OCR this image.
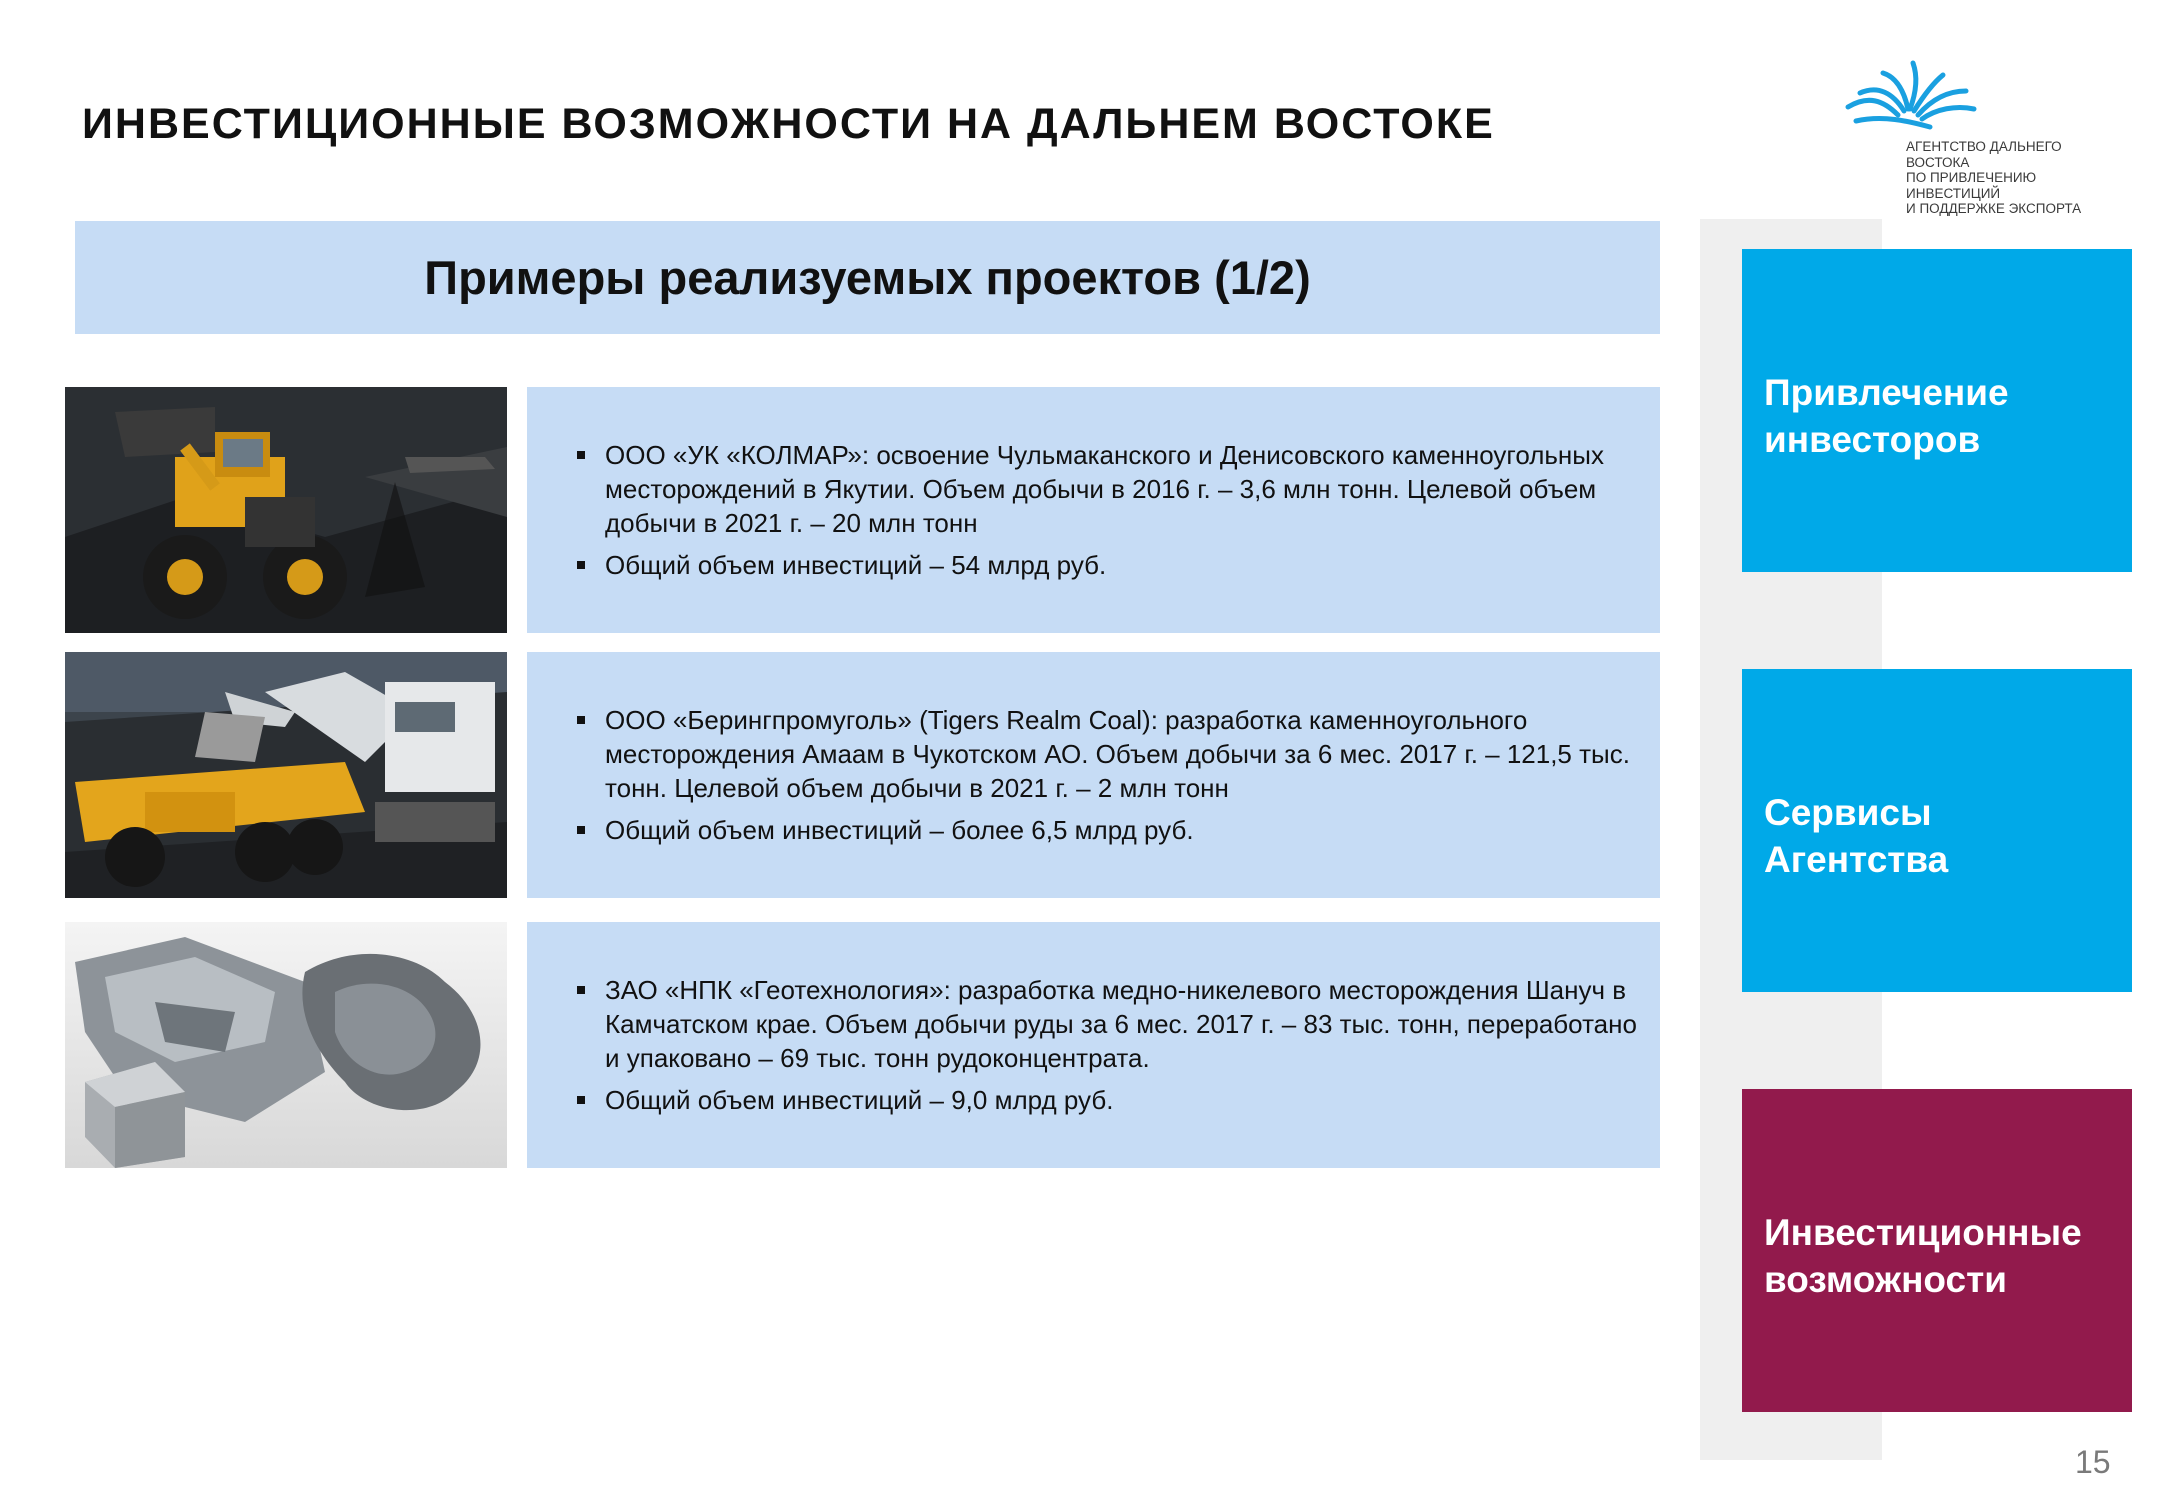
ИНВЕСТИЦИОННЫЕ ВОЗМОЖНОСТИ НА ДАЛЬНЕМ ВОСТОКЕ	АГЕНТСТВО ДАЛЬНЕГО ВОСТОКА
ПО ПРИВЛЕЧЕНИЮ ИНВЕСТИЦИЙ
И ПОДДЕРЖКЕ ЭКСПОРТА
Примеры реализуемых проектов (1/2)
ООО «УК «КОЛМАР»: освоение Чульмаканского и Денисовского каменноугольных месторождений в Якутии. Объем добычи в 2016 г. – 3,6 млн тонн. Целевой объем добычи в 2021 г. – 20 млн тонн
Общий объем инвестиций – 54 млрд руб.
ООО «Берингпромуголь» (Tigers Realm Coal): разработка каменноугольного месторождения Амаам в Чукотском АО. Объем добычи за 6 мес. 2017 г. – 121,5 тыс. тонн. Целевой объем добычи в 2021 г. – 2 млн тонн
Общий объем инвестиций – более 6,5 млрд руб.
ЗАО «НПК «Геотехнология»: разработка медно-никелевого месторождения Шануч в Камчатском крае. Объем добычи руды за 6 мес. 2017 г. – 83 тыс. тонн, переработано и упаковано – 69 тыс. тонн рудоконцентрата.
Общий объем инвестиций – 9,0 млрд руб.
Привлечение
инвесторов
Сервисы
Агентства
Инвестиционные
возможности
15
